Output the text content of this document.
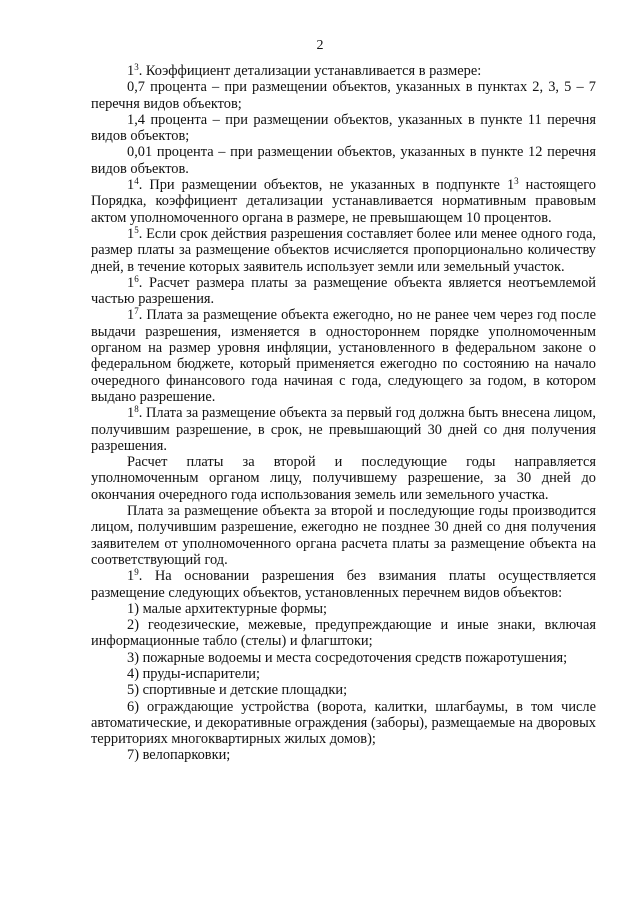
2

$1^3$. Коэффициент детализации устанавливается в размере:

0,7 процента – при размещении объектов, указанных в пунктах 2, 3, 5 – 7 перечня видов объектов;

1,4 процента – при размещении объектов, указанных в пункте 11 перечня видов объектов;

0,01 процента – при размещении объектов, указанных в пункте 12 перечня видов объектов.

$1^4$. При размещении объектов, не указанных в подпункте $1^3$ настоящего Порядка, коэффициент детализации устанавливается нормативным правовым актом уполномоченного органа в размере, не превышающем 10 процентов.

$1^5$. Если срок действия разрешения составляет более или менее одного года, размер платы за размещение объектов исчисляется пропорционально количеству дней, в течение которых заявитель использует земли или земельный участок.

$1^6$. Расчет размера платы за размещение объекта является неотъемлемой частью разрешения.

$1^7$. Плата за размещение объекта ежегодно, но не ранее чем через год после выдачи разрешения, изменяется в одностороннем порядке уполномоченным органом на размер уровня инфляции, установленного в федеральном законе о федеральном бюджете, который применяется ежегодно по состоянию на начало очередного финансового года начиная с года, следующего за годом, в котором выдано разрешение.

$1^8$. Плата за размещение объекта за первый год должна быть внесена лицом, получившим разрешение, в срок, не превышающий 30 дней со дня получения разрешения.

Расчет платы за второй и последующие годы направляется уполномоченным органом лицу, получившему разрешение, за 30 дней до окончания очередного года использования земель или земельного участка.

Плата за размещение объекта за второй и последующие годы производится лицом, получившим разрешение, ежегодно не позднее 30 дней со дня получения заявителем от уполномоченного органа расчета платы за размещение объекта на соответствующий год.

$1^9$. На основании разрешения без взимания платы осуществляется размещение следующих объектов, установленных перечнем видов объектов:

1) малые архитектурные формы;

2) геодезические, межевые, предупреждающие и иные знаки, включая информационные табло (стелы) и флагштоки;

3) пожарные водоемы и места сосредоточения средств пожаротушения;

4) пруды-испарители;

5) спортивные и детские площадки;

6) ограждающие устройства (ворота, калитки, шлагбаумы, в том числе автоматические, и декоративные ограждения (заборы), размещаемые на дворовых территориях многоквартирных жилых домов);

7) велопарковки;
